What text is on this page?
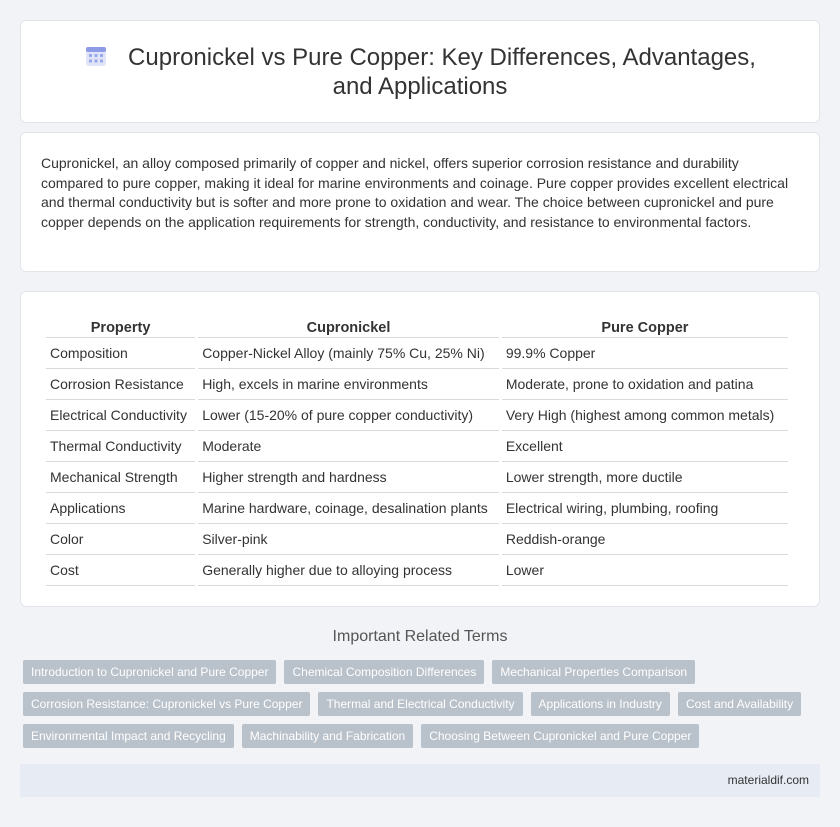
Cupronickel vs Pure Copper: Key Differences, Advantages, and Applications

Cupronickel, an alloy composed primarily of copper and nickel, offers superior corrosion resistance and durability compared to pure copper, making it ideal for marine environments and coinage. Pure copper provides excellent electrical and thermal conductivity but is softer and more prone to oxidation and wear. The choice between cupronickel and pure copper depends on the application requirements for strength, conductivity, and resistance to environmental factors.

Property	Cupronickel	Pure Copper
Composition	Copper-Nickel Alloy (mainly 75% Cu, 25% Ni)	99.9% Copper
Corrosion Resistance	High, excels in marine environments	Moderate, prone to oxidation and patina
Electrical Conductivity	Lower (15-20% of pure copper conductivity)	Very High (highest among common metals)
Thermal Conductivity	Moderate	Excellent
Mechanical Strength	Higher strength and hardness	Lower strength, more ductile
Applications	Marine hardware, coinage, desalination plants	Electrical wiring, plumbing, roofing
Color	Silver-pink	Reddish-orange
Cost	Generally higher due to alloying process	Lower
Important Related Terms
Introduction to Cupronickel and Pure Copper	Chemical Composition Differences	Mechanical Properties Comparison
Corrosion Resistance: Cupronickel vs Pure Copper	Thermal and Electrical Conductivity	Applications in Industry	Cost and Availability
Environmental Impact and Recycling	Machinability and Fabrication	Choosing Between Cupronickel and Pure Copper
materialdif.com
